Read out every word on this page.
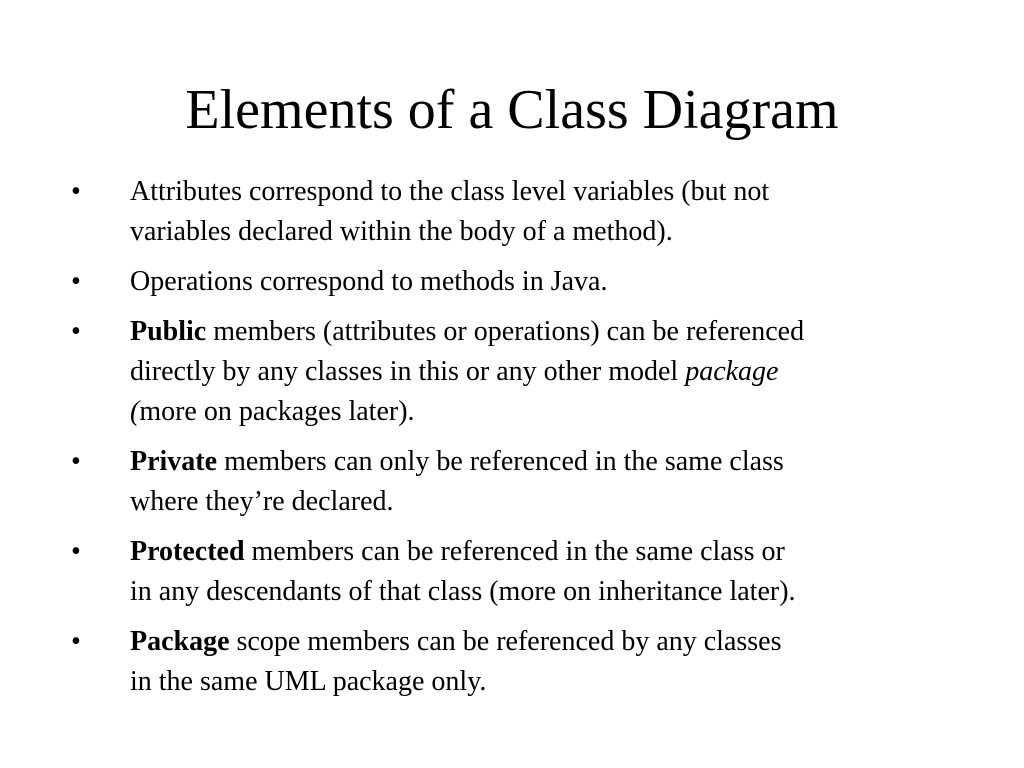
Elements of a Class Diagram
•	Attributes correspond to the class level variables (but not
variables declared within the body of a method).
•	Operations correspond to methods in Java.
•	Public members (attributes or operations) can be referenced
directly by any classes in this or any other model package
(more on packages later).
•	Private members can only be referenced in the same class
where they’re declared.
•	Protected members can be referenced in the same class or
in any descendants of that class (more on inheritance later).
•	Package scope members can be referenced by any classes
in the same UML package only.
